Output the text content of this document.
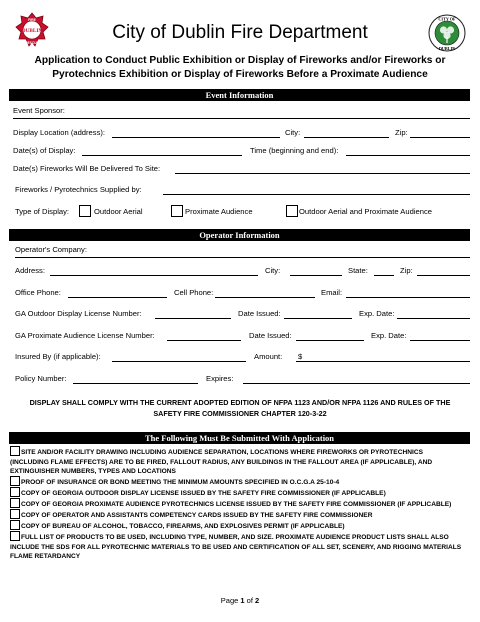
FIRE
DUBLIN
RESCUE
CITY OF
DUBLIN
City of Dublin Fire Department
Application to Conduct Public Exhibition or Display of Fireworks and/or Fireworks or
Pyrotechnics Exhibition or Display of Fireworks Before a Proximate Audience
Event Information
Event Sponsor:
Display Location (address):	City:	Zip:
Date(s) of Display:	Time (beginning and end):
Date(s) Fireworks Will Be Delivered To Site:
Fireworks / Pyrotechnics Supplied by:
Type of Display:	Outdoor Aerial	Proximate Audience	Outdoor Aerial and Proximate Audience
Operator Information
Operator's Company:
Address:	City:	State:	Zip:
Office Phone:	Cell Phone:	Email:
GA Outdoor Display License Number:	Date Issued:	Exp. Date:
GA Proximate Audience License Number:	Date Issued:	Exp. Date:
Insured By (if applicable):	Amount: $
Policy Number:	Expires:
DISPLAY SHALL COMPLY WITH THE CURRENT ADOPTED EDITION OF NFPA 1123 AND/OR NFPA 1126 AND RULES OF THE
SAFETY FIRE COMMISSIONER CHAPTER 120-3-22
The Following Must Be Submitted With Application
SITE AND/OR FACILITY DRAWING INCLUDING AUDIENCE SEPARATION, LOCATIONS WHERE FIREWORKS OR PYROTECHNICS (INCLUDING FLAME EFFECTS) ARE TO BE FIRED, FALLOUT RADIUS, ANY BUILDINGS IN THE FALLOUT AREA (IF APPLICABLE), AND EXTINGUISHER NUMBERS, TYPES AND LOCATIONS
PROOF OF INSURANCE OR BOND MEETING THE MINIMUM AMOUNTS SPECIFIED IN O.C.G.A 25-10-4
COPY OF GEORGIA OUTDOOR DISPLAY LICENSE ISSUED BY THE SAFETY FIRE COMMISSIONER (IF APPLICABLE)
COPY OF GEORGIA PROXIMATE AUDIENCE PYROTECHNICS LICENSE ISSUED BY THE SAFETY FIRE COMMISSIONER (IF APPLICABLE)
COPY OF OPERATOR AND ASSISTANTS COMPETENCY CARDS ISSUED BY THE SAFETY FIRE COMMISSIONER
COPY OF BUREAU OF ALCOHOL, TOBACCO, FIREARMS, AND EXPLOSIVES PERMIT (IF APPLICABLE)
FULL LIST OF PRODUCTS TO BE USED, INCLUDING TYPE, NUMBER, AND SIZE. PROXIMATE AUDIENCE PRODUCT LISTS SHALL ALSO INCLUDE THE SDS FOR ALL PYROTECHNIC MATERIALS TO BE USED AND CERTIFICATION OF ALL SET, SCENERY, AND RIGGING MATERIALS FLAME RETARDANCY
Page 1 of 2
